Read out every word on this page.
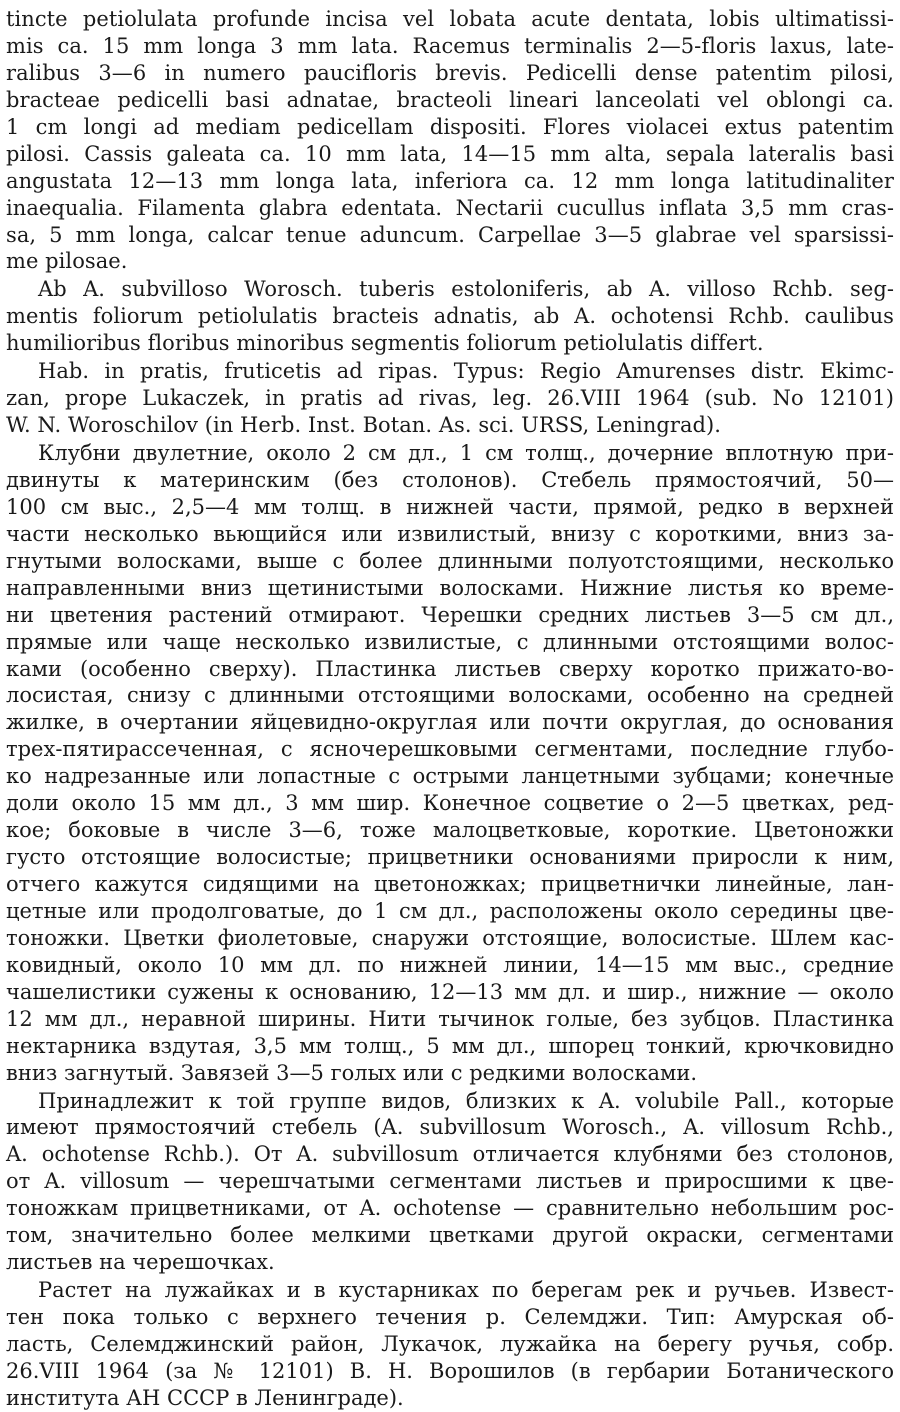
tincte petiolulata profunde incisa vel lobata acute dentata, lobis ultimatissi-
mis ca. 15 mm longa 3 mm lata. Racemus terminalis 2—5-floris laxus, late-
ralibus 3—6 in numero paucifloris brevis. Pedicelli dense patentim pilosi,
bracteae pedicelli basi adnatae, bracteoli lineari lanceolati vel oblongi ca.
1 cm longi ad mediam pedicellam dispositi. Flores violacei extus patentim
pilosi. Cassis galeata ca. 10 mm lata, 14—15 mm alta, sepala lateralis basi
angustata 12—13 mm longa lata, inferiora ca. 12 mm longa latitudinaliter
inaequalia. Filamenta glabra edentata. Nectarii cucullus inflata 3,5 mm cras-
sa, 5 mm longa, calcar tenue aduncum. Carpellae 3—5 glabrae vel sparsissi-
me pilosae.
Ab A. subvilloso Worosch. tuberis estoloniferis, ab A. villoso Rchb. seg-
mentis foliorum petiolulatis bracteis adnatis, ab A. ochotensi Rchb. caulibus
humilioribus floribus minoribus segmentis foliorum petiolulatis differt.
Hab. in pratis, fruticetis ad ripas. Typus: Regio Amurenses distr. Ekimc-
zan, prope Lukaczek, in pratis ad rivas, leg. 26.VIII 1964 (sub. No 12101)
W. N. Woroschilov (in Herb. Inst. Botan. As. sci. URSS, Leningrad).
Клубни двулетние, около 2 см дл., 1 см толщ., дочерние вплотную при-
двинуты к материнским (без столонов). Стебель прямостоячий, 50—
100 см выс., 2,5—4 мм толщ. в нижней части, прямой, редко в верхней
части несколько вьющийся или извилистый, внизу с короткими, вниз за-
гнутыми волосками, выше с более длинными полуотстоящими, несколько
направленными вниз щетинистыми волосками. Нижние листья ко време-
ни цветения растений отмирают. Черешки средних листьев 3—5 см дл.,
прямые или чаще несколько извилистые, с длинными отстоящими волос-
ками (особенно сверху). Пластинка листьев сверху коротко прижато-во-
лосистая, снизу с длинными отстоящими волосками, особенно на средней
жилке, в очертании яйцевидно-округлая или почти округлая, до основания
трех-пятирассеченная, с ясночерешковыми сегментами, последние глубо-
ко надрезанные или лопастные с острыми ланцетными зубцами; конечные
доли около 15 мм дл., 3 мм шир. Конечное соцветие о 2—5 цветках, ред-
кое; боковые в числе 3—6, тоже малоцветковые, короткие. Цветоножки
густо отстоящие волосистые; прицветники основаниями приросли к ним,
отчего кажутся сидящими на цветоножках; прицветнички линейные, лан-
цетные или продолговатые, до 1 см дл., расположены около середины цве-
тоножки. Цветки фиолетовые, снаружи отстоящие, волосистые. Шлем кас-
ковидный, около 10 мм дл. по нижней линии, 14—15 мм выс., средние
чашелистики сужены к основанию, 12—13 мм дл. и шир., нижние — около
12 мм дл., неравной ширины. Нити тычинок голые, без зубцов. Пластинка
нектарника вздутая, 3,5 мм толщ., 5 мм дл., шпорец тонкий, крючковидно
вниз загнутый. Завязей 3—5 голых или с редкими волосками.
Принадлежит к той группе видов, близких к A. volubile Pall., которые
имеют прямостоячий стебель (A. subvillosum Worosch., A. villosum Rchb.,
A. ochotense Rchb.). От A. subvillosum отличается клубнями без столонов,
от A. villosum — черешчатыми сегментами листьев и приросшими к цве-
тоножкам прицветниками, от A. ochotense — сравнительно небольшим рос-
том, значительно более мелкими цветками другой окраски, сегментами
листьев на черешочках.
Растет на лужайках и в кустарниках по берегам рек и ручьев. Извест-
тен пока только с верхнего течения р. Селемджи. Тип: Амурская об-
ласть, Селемджинский район, Лукачок, лужайка на берегу ручья, собр.
26.VIII 1964 (за № 12101) В. Н. Ворошилов (в гербарии Ботанического
института АН СССР в Ленинграде).
